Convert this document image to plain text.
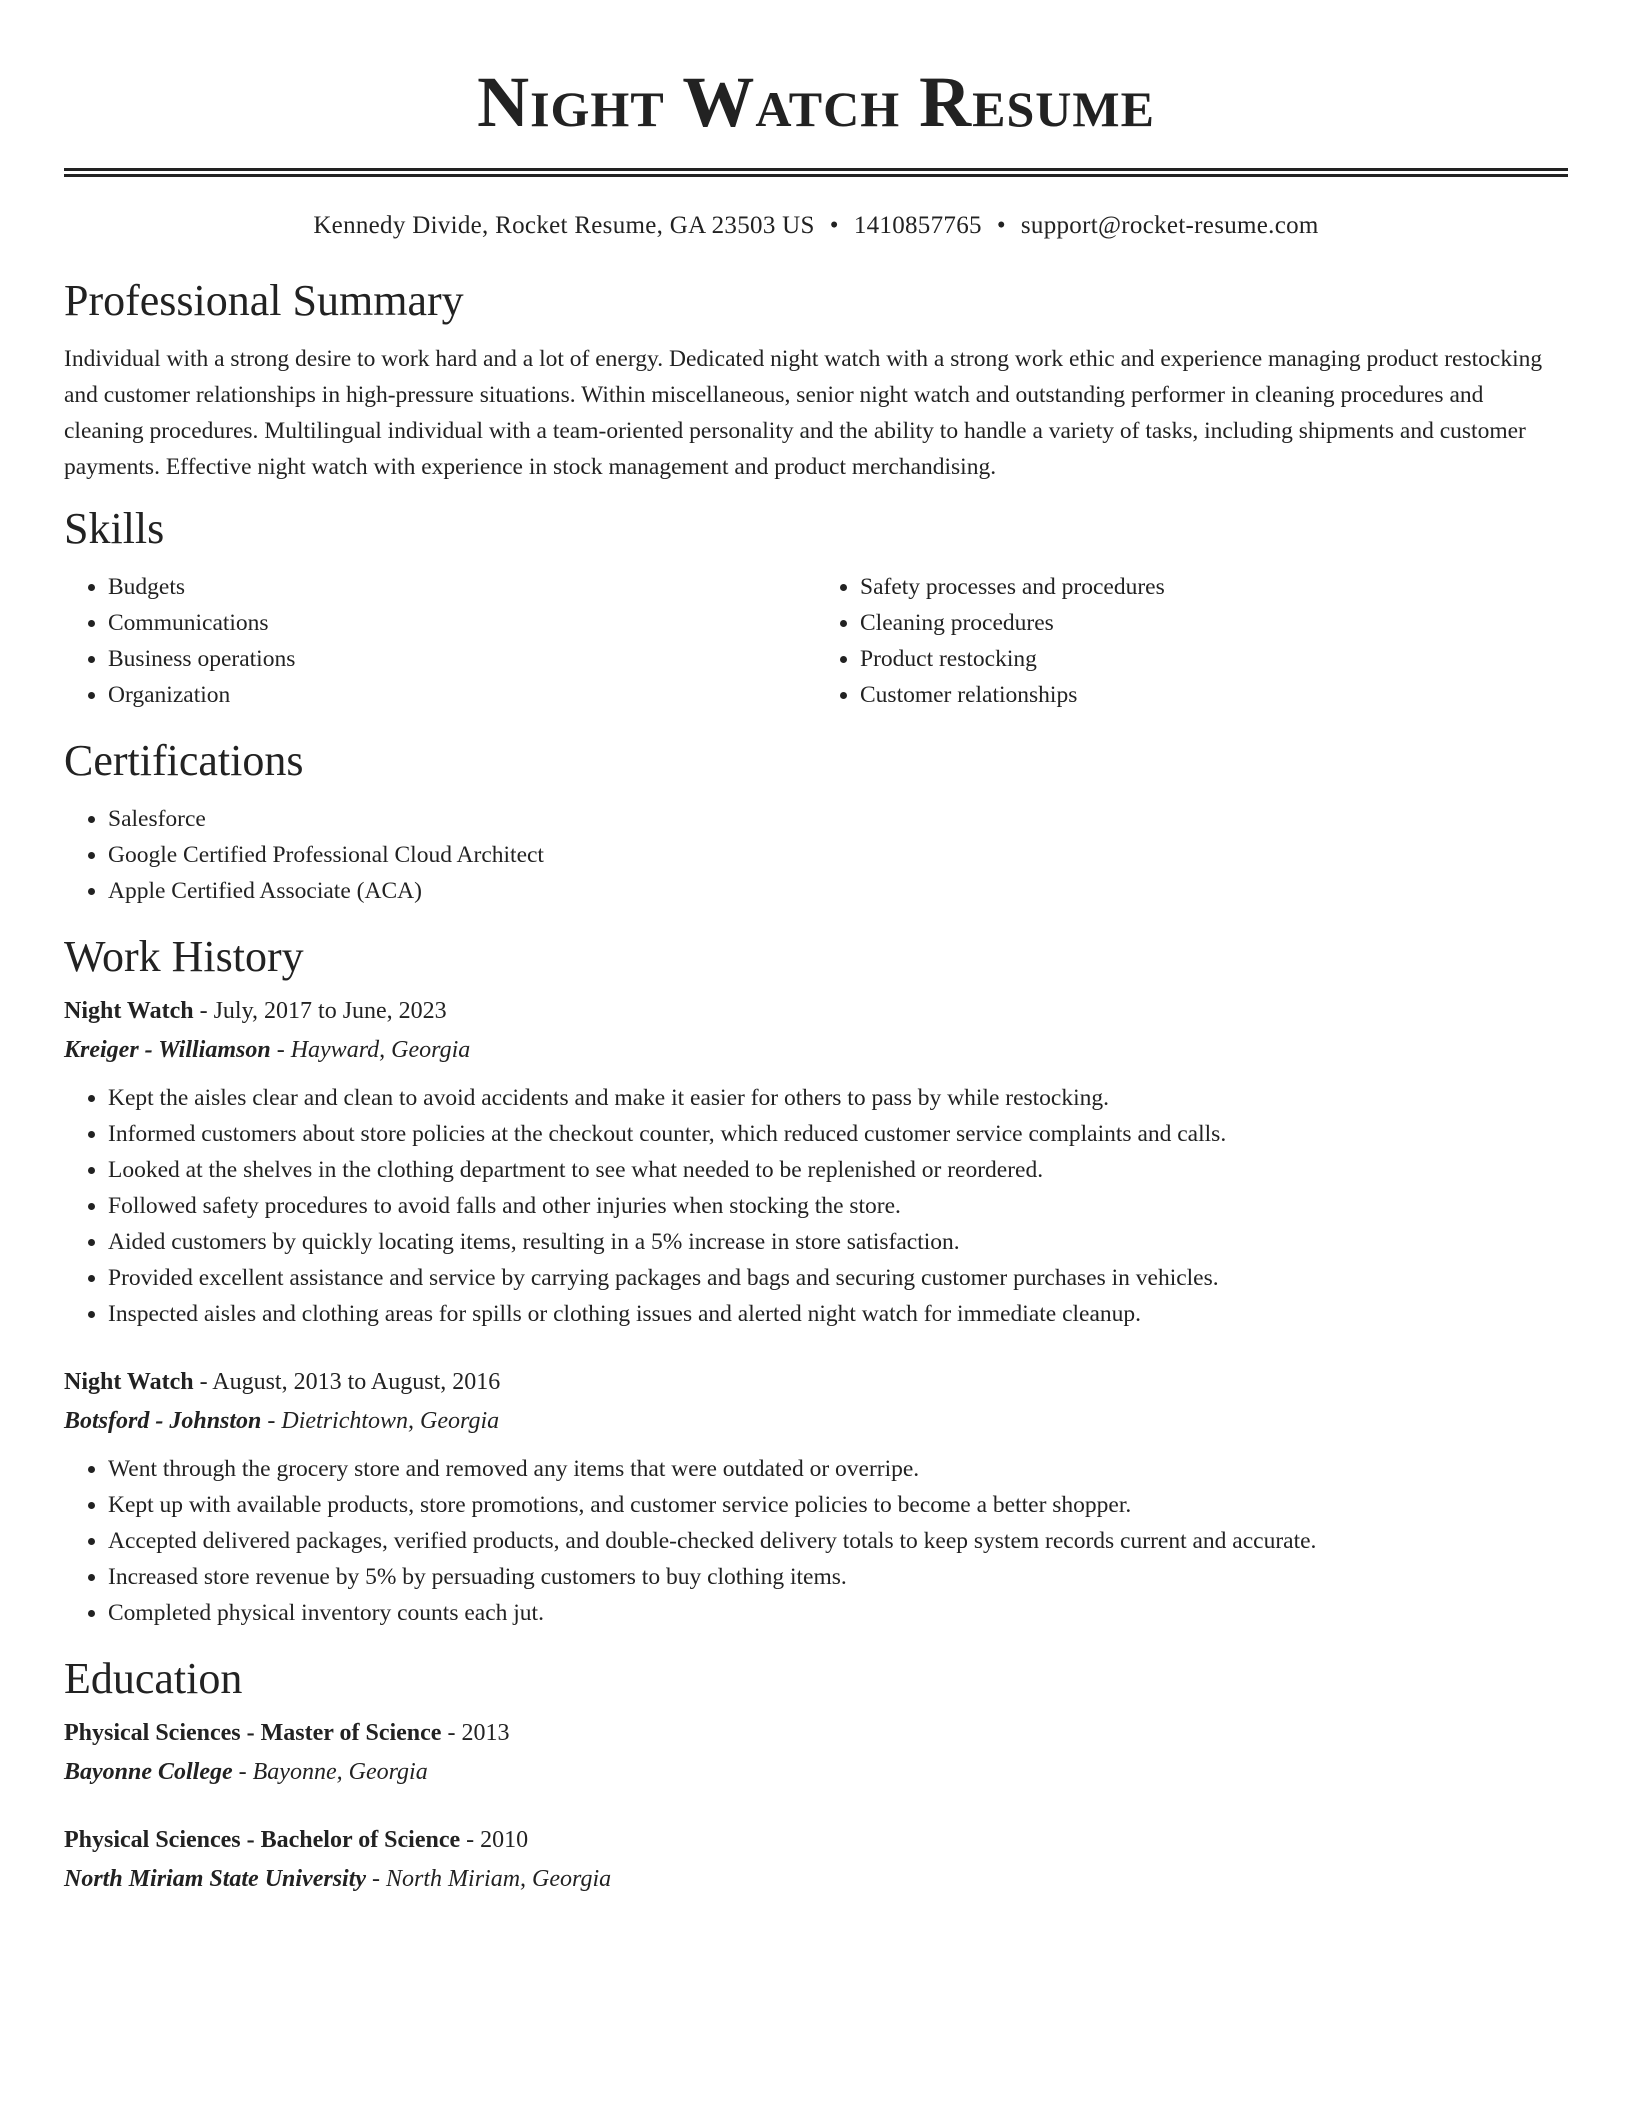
Night Watch Resume
Kennedy Divide, Rocket Resume, GA 23503 US • 1410857765 • support@rocket-resume.com
Professional Summary

Individual with a strong desire to work hard and a lot of energy. Dedicated night watch with a strong work ethic and experience managing product restocking and customer relationships in high-pressure situations. Within miscellaneous, senior night watch and outstanding performer in cleaning procedures and cleaning procedures. Multilingual individual with a team-oriented personality and the ability to handle a variety of tasks, including shipments and customer payments. Effective night watch with experience in stock management and product merchandising.

Skills
• Budgets
• Communications
• Business operations
• Organization
• Safety processes and procedures
• Cleaning procedures
• Product restocking
• Customer relationships
Certifications
• Salesforce
• Google Certified Professional Cloud Architect
• Apple Certified Associate (ACA)
Work History
Night Watch - July, 2017 to June, 2023
Kreiger - Williamson - Hayward, Georgia
• Kept the aisles clear and clean to avoid accidents and make it easier for others to pass by while restocking.
• Informed customers about store policies at the checkout counter, which reduced customer service complaints and calls.
• Looked at the shelves in the clothing department to see what needed to be replenished or reordered.
• Followed safety procedures to avoid falls and other injuries when stocking the store.
• Aided customers by quickly locating items, resulting in a 5% increase in store satisfaction.
• Provided excellent assistance and service by carrying packages and bags and securing customer purchases in vehicles.
• Inspected aisles and clothing areas for spills or clothing issues and alerted night watch for immediate cleanup.
Night Watch - August, 2013 to August, 2016
Botsford - Johnston - Dietrichtown, Georgia
• Went through the grocery store and removed any items that were outdated or overripe.
• Kept up with available products, store promotions, and customer service policies to become a better shopper.
• Accepted delivered packages, verified products, and double-checked delivery totals to keep system records current and accurate.
• Increased store revenue by 5% by persuading customers to buy clothing items.
• Completed physical inventory counts each jut.
Education
Physical Sciences - Master of Science - 2013
Bayonne College - Bayonne, Georgia
Physical Sciences - Bachelor of Science - 2010
North Miriam State University - North Miriam, Georgia
